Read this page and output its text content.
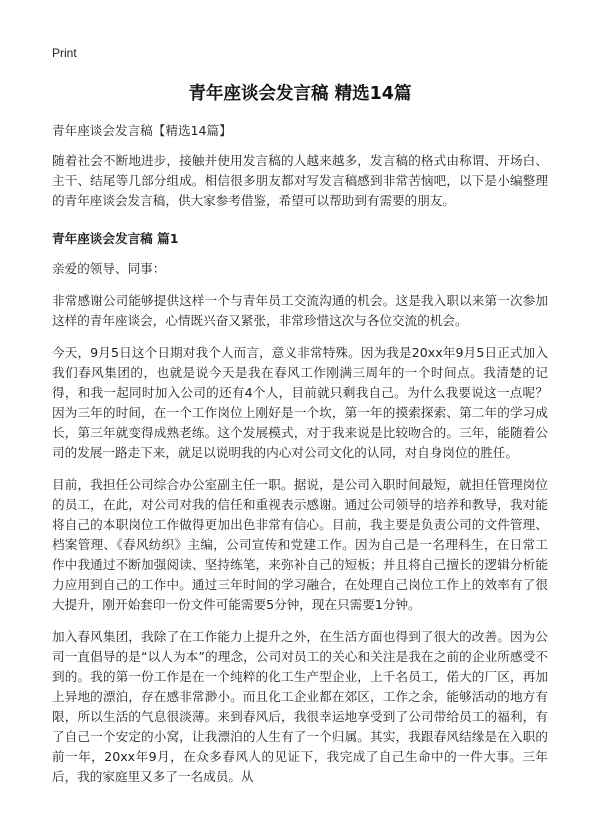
Print
青年座谈会发言稿 精选14篇

青年座谈会发言稿【精选14篇】

随着社会不断地进步，接触并使用发言稿的人越来越多，发言稿的格式由称谓、开场白、主干、结尾等几部分组成。相信很多朋友都对写发言稿感到非常苦恼吧，以下是小编整理的青年座谈会发言稿，供大家参考借鉴，希望可以帮助到有需要的朋友。

青年座谈会发言稿 篇1

亲爱的领导、同事：

非常感谢公司能够提供这样一个与青年员工交流沟通的机会。这是我入职以来第一次参加这样的青年座谈会，心情既兴奋又紧张，非常珍惜这次与各位交流的机会。

今天，9月5日这个日期对我个人而言，意义非常特殊。因为我是20xx年9月5日正式加入我们春风集团的，也就是说今天是我在春风工作刚满三周年的一个时间点。我清楚的记得，和我一起同时加入公司的还有4个人，目前就只剩我自己。为什么我要说这一点呢？因为三年的时间，在一个工作岗位上刚好是一个坎，第一年的摸索探索、第二年的学习成长，第三年就变得成熟老练。这个发展模式，对于我来说是比较吻合的。三年，能随着公司的发展一路走下来，就足以说明我的内心对公司文化的认同，对自身岗位的胜任。

目前，我担任公司综合办公室副主任一职。据说，是公司入职时间最短，就担任管理岗位的员工，在此，对公司对我的信任和重视表示感谢。通过公司领导的培养和教导，我对能将自己的本职岗位工作做得更加出色非常有信心。目前，我主要是负责公司的文件管理、档案管理、《春风纺织》主编，公司宣传和党建工作。因为自己是一名理科生，在日常工作中我通过不断加强阅读、坚持练笔，来弥补自己的短板；并且将自己擅长的逻辑分析能力应用到自己的工作中。通过三年时间的学习融合，在处理自己岗位工作上的效率有了很大提升，刚开始套印一份文件可能需要5分钟，现在只需要1分钟。

加入春风集团，我除了在工作能力上提升之外，在生活方面也得到了很大的改善。因为公司一直倡导的是“以人为本”的理念，公司对员工的关心和关注是我在之前的企业所感受不到的。我的第一份工作是在一个纯粹的化工生产型企业，上千名员工，偌大的厂区，再加上异地的漂泊，存在感非常渺小。而且化工企业都在郊区，工作之余，能够活动的地方有限，所以生活的气息很淡薄。来到春风后，我很幸运地享受到了公司带给员工的福利，有了自己一个安定的小窝，让我漂泊的人生有了一个归属。其实，我跟春风结缘是在入职的前一年，20xx年9月，在众多春风人的见证下，我完成了自己生命中的一件大事。三年后，我的家庭里又多了一名成员。从
